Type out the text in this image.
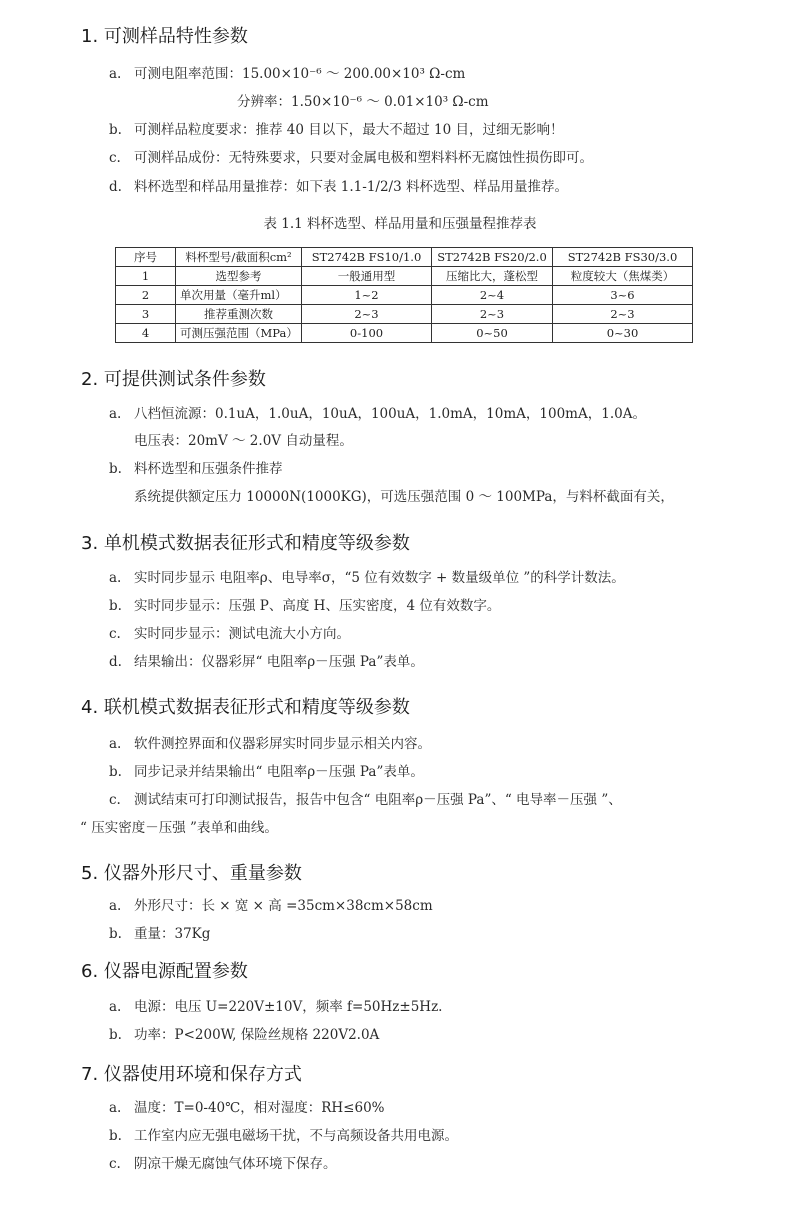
1. 可测样品特性参数
a. 可测电阻率范围：15.00×10⁻⁶ ～ 200.00×10³ Ω-cm
分辨率：1.50×10⁻⁶ ～ 0.01×10³ Ω-cm
b. 可测样品粒度要求：推荐 40 目以下，最大不超过 10 目，过细无影响！
c. 可测样品成份：无特殊要求，只要对金属电极和塑料料杯无腐蚀性损伤即可。
d. 料杯选型和样品用量推荐：如下表 1.1-1/2/3 料杯选型、样品用量推荐。
表 1.1 料杯选型、样品用量和压强量程推荐表
序号	料杯型号/截面积cm²	ST2742B FS10/1.0	ST2742B FS20/2.0	ST2742B FS30/3.0
1	选型参考	一般通用型	压缩比大，蓬松型	粒度较大（焦煤类）
2	单次用量（毫升ml）	1~2	2~4	3~6
3	推荐重测次数	2~3	2~3	2~3
4	可测压强范围（MPa）	0-100	0~50	0~30
2. 可提供测试条件参数
a. 八档恒流源：0.1uA，1.0uA，10uA，100uA，1.0mA，10mA，100mA，1.0A。
电压表：20mV ～ 2.0V 自动量程。
b. 料杯选型和压强条件推荐
系统提供额定压力 10000N(1000KG)，可选压强范围 0 ～ 100MPa，与料杯截面有关，
3. 单机模式数据表征形式和精度等级参数
a. 实时同步显示 电阻率ρ、电导率σ，“5 位有效数字 + 数量级单位 ”的科学计数法。
b. 实时同步显示：压强 P、高度 H、压实密度，4 位有效数字。
c. 实时同步显示：测试电流大小方向。
d. 结果输出：仪器彩屏“ 电阻率ρ－压强 Pa”表单。
4. 联机模式数据表征形式和精度等级参数
a. 软件测控界面和仪器彩屏实时同步显示相关内容。
b. 同步记录并结果输出“ 电阻率ρ－压强 Pa”表单。
c. 测试结束可打印测试报告，报告中包含“ 电阻率ρ－压强 Pa”、“ 电导率－压强 ”、
“ 压实密度－压强 ”表单和曲线。
5. 仪器外形尺寸、重量参数
a. 外形尺寸：长 × 宽 × 高 =35cm×38cm×58cm
b. 重量：37Kg
6. 仪器电源配置参数
a. 电源：电压 U=220V±10V，频率 f=50Hz±5Hz.
b. 功率：P<200W, 保险丝规格 220V2.0A
7. 仪器使用环境和保存方式
a. 温度：T=0-40℃，相对湿度：RH≤60%
b. 工作室内应无强电磁场干扰，不与高频设备共用电源。
c. 阴凉干燥无腐蚀气体环境下保存。
